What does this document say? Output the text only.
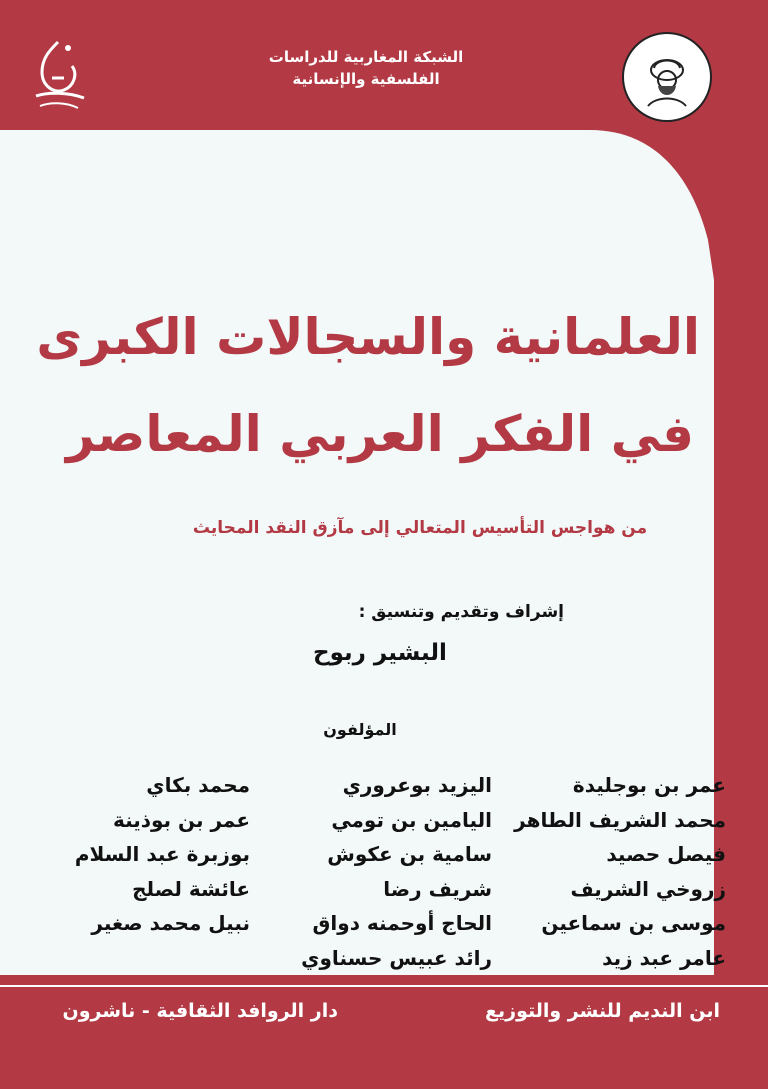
الشبكة المغاربية للدراسات
الفلسفية والإنسانية
العلمانية والسجالات الكبرى
في الفكر العربي المعاصر
من هواجس التأسيس المتعالي إلى مآزق النقد المحايث
إشراف وتقديم وتنسيق :
البشير ربوح
المؤلفون
عمر بن بوجليدة
محمد الشريف الطاهر
فيصل حصيد
زروخي الشريف
موسى بن سماعين
عامر عبد زيد
اليزيد بوعروري
اليامين بن تومي
سامية بن عكوش
شريف رضا
الحاج أوحمنه دواق
رائد عبيس حسناوي
محمد بكاي
عمر بن بوذينة
بوزبرة عبد السلام
عائشة لصلج
نبيل محمد صغير
ابن النديم للنشر والتوزيع
دار الروافد الثقافية - ناشرون
